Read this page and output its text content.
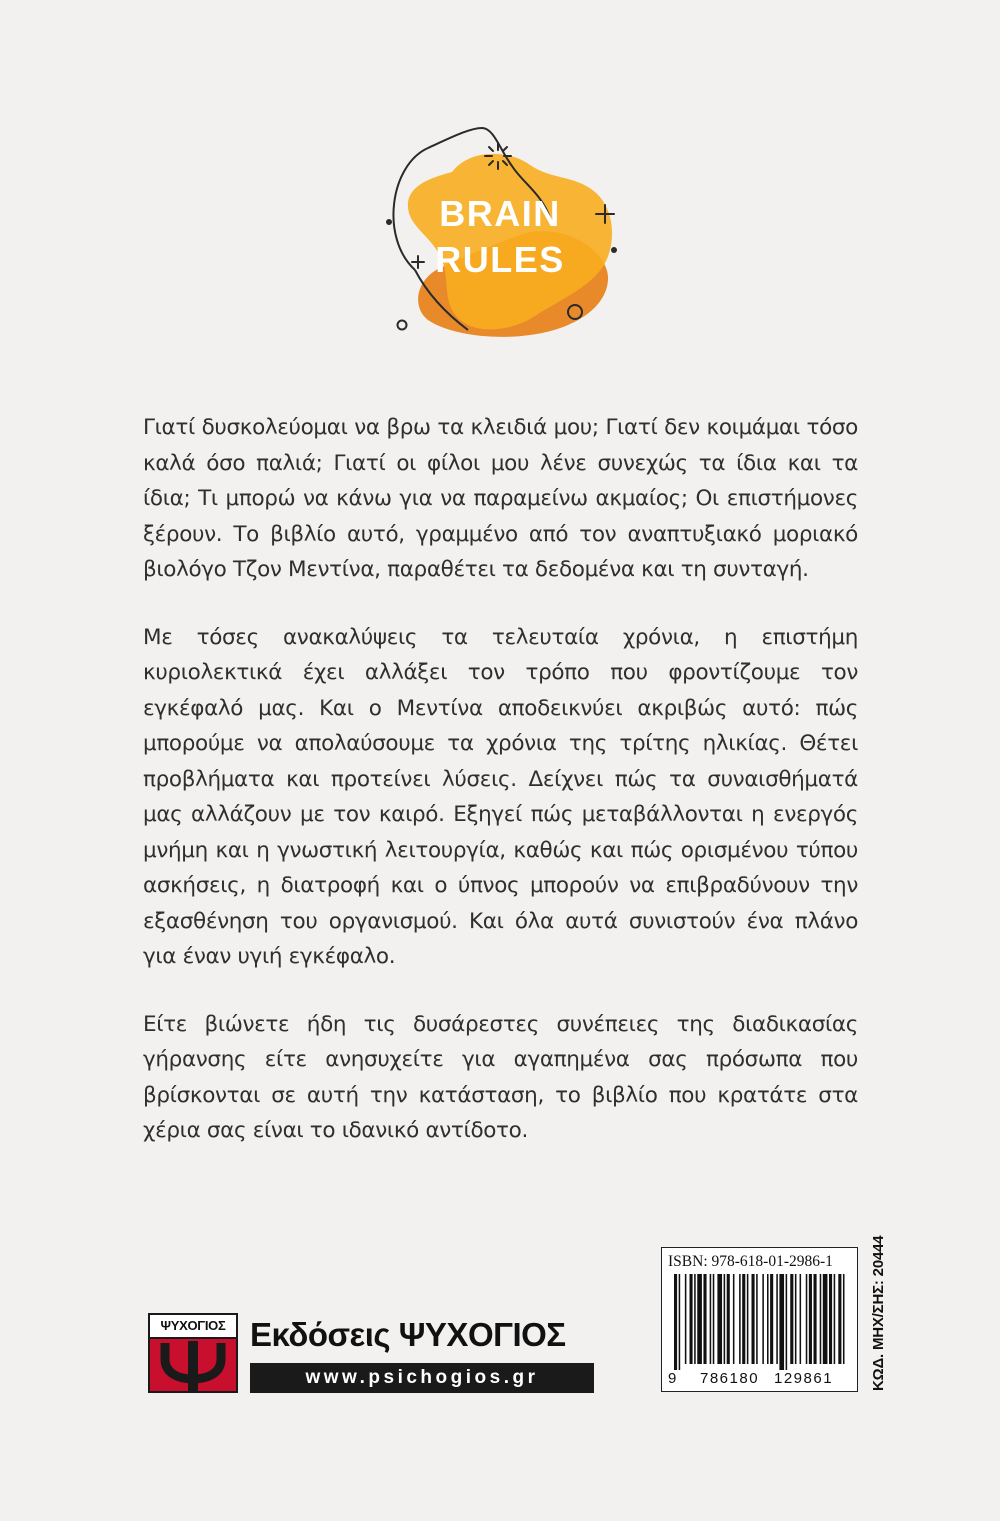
BRAIN
RULES

Γιατί δυσκολεύομαι να βρω τα κλειδιά μου; Γιατί δεν κοιμάμαι τόσο καλά όσο παλιά; Γιατί οι φίλοι μου λένε συνεχώς τα ίδια και τα ίδια; Τι μπορώ να κάνω για να παραμείνω ακμαίος; Οι επιστήμονες ξέρουν. Το βιβλίο αυτό, γραμμένο από τον αναπτυξιακό μοριακό βιολόγο Τζον Μεντίνα, παραθέτει τα δεδομένα και τη συνταγή.

Με τόσες ανακαλύψεις τα τελευταία χρόνια, η επιστήμη κυριολεκτικά έχει αλλάξει τον τρόπο που φροντίζουμε τον εγκέφαλό μας. Και ο Μεντίνα αποδεικνύει ακριβώς αυτό: πώς μπορούμε να απολαύσουμε τα χρόνια της τρίτης ηλικίας. Θέτει προβλήματα και προτείνει λύσεις. Δείχνει πώς τα συναισθήματά μας αλλάζουν με τον καιρό. Εξηγεί πώς μεταβάλλονται η ενεργός μνήμη και η γνωστική λειτουργία, καθώς και πώς ορισμένου τύπου ασκήσεις, η διατροφή και ο ύπνος μπορούν να επιβραδύνουν την εξασθένηση του οργανισμού. Και όλα αυτά συνιστούν ένα πλάνο για έναν υγιή εγκέφαλο.

Είτε βιώνετε ήδη τις δυσάρεστες συνέπειες της διαδικασίας γήρανσης είτε ανησυχείτε για αγαπημένα σας πρόσωπα που βρίσκονται σε αυτή την κατάσταση, το βιβλίο που κρατάτε στα χέρια σας είναι το ιδανικό αντίδοτο.

ΨΥΧΟΓΙΟΣ Εκδόσεις ΨΥΧΟΓΙΟΣ
www.psichogios.gr
ISBN: 978-618-01-2986-1
9 786180 129861 ΚΩΔ. ΜΗΧ/ΣΗΣ: 20444
